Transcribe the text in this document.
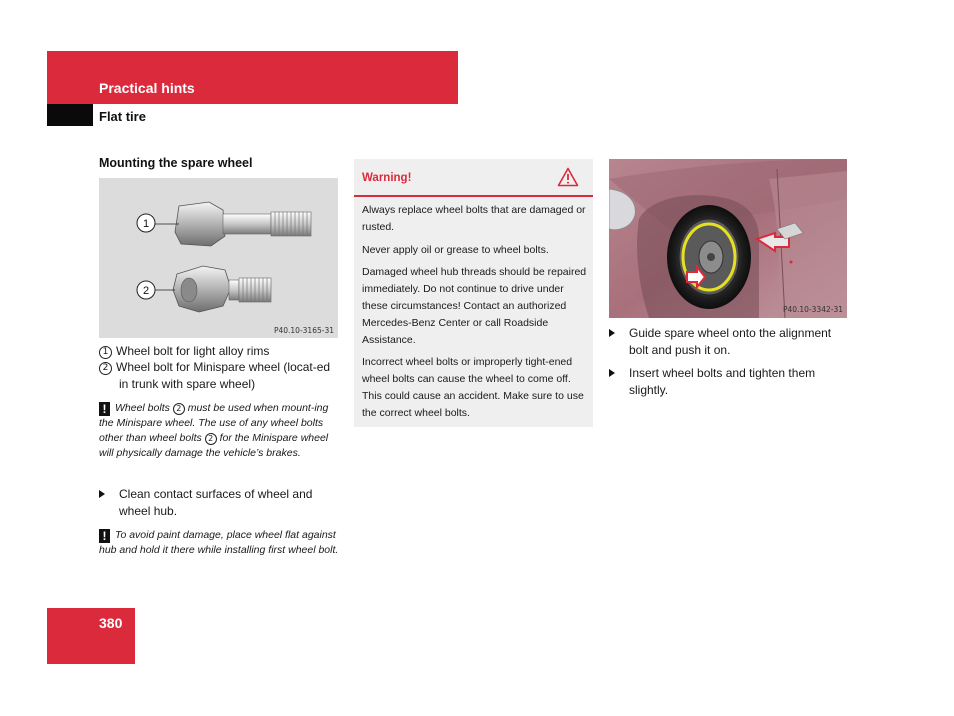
Practical hints
Flat tire
Mounting the spare wheel
1
2
P40.10-3165-31
1 Wheel bolt for light alloy rims
2 Wheel bolt for Minispare wheel (locat-ed in trunk with spare wheel)
! Wheel bolts 2 must be used when mount-ing the Minispare wheel. The use of any wheel bolts other than wheel bolts 2 for the Minispare wheel will physically damage the vehicle’s brakes.
Clean contact surfaces of wheel and wheel hub.
! To avoid paint damage, place wheel flat against hub and hold it there while installing first wheel bolt.
Warning!
Always replace wheel bolts that are damaged or rusted.
Never apply oil or grease to wheel bolts.
Damaged wheel hub threads should be repaired immediately. Do not continue to drive under these circumstances! Contact an authorized Mercedes-Benz Center or call Roadside Assistance.
Incorrect wheel bolts or improperly tight-ened wheel bolts can cause the wheel to come off. This could cause an accident. Make sure to use the correct wheel bolts.
P40.10-3342-31
Guide spare wheel onto the alignment bolt and push it on.
Insert wheel bolts and tighten them slightly.
380
